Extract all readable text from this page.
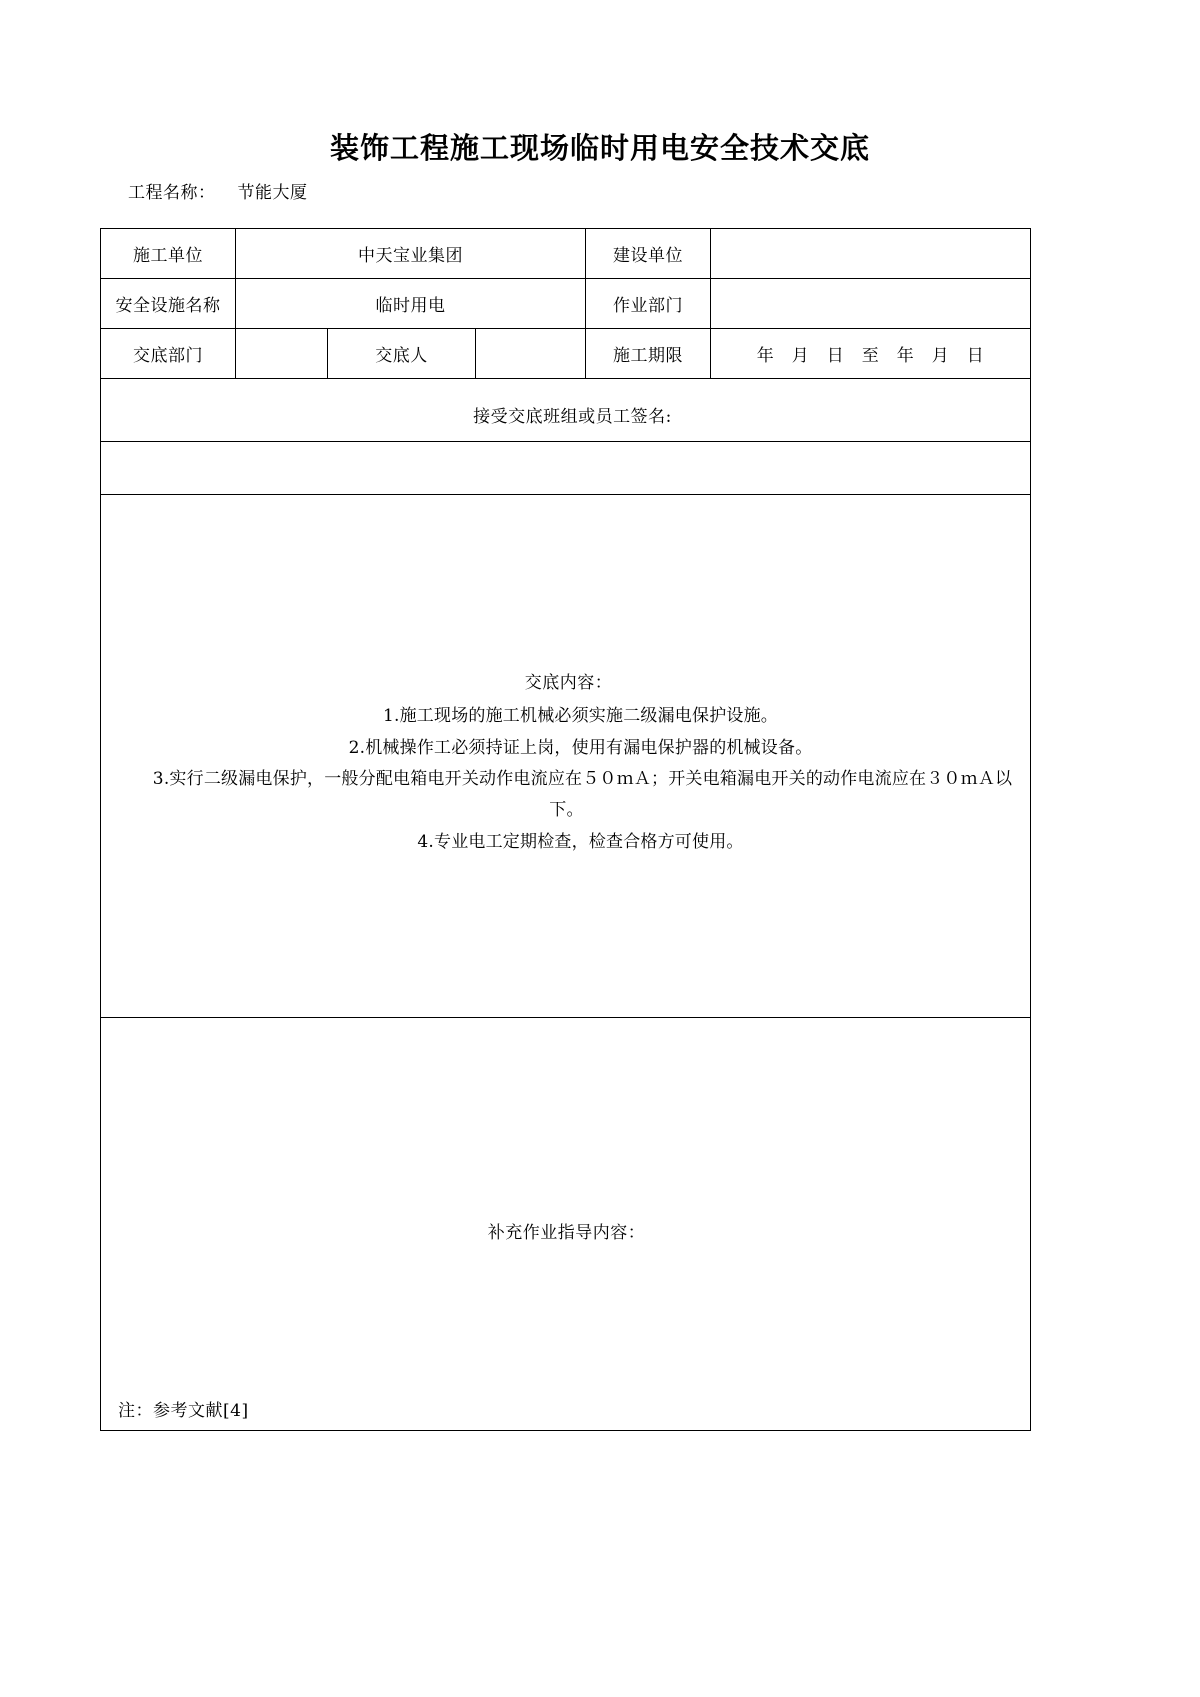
装饰工程施工现场临时用电安全技术交底
工程名称： 节能大厦
施工单位	中天宝业集团			建设单位	
安全设施名称	临时用电			作业部门	
交底部门		交底人		施工期限	年　月　日　至　年　月　日
接受交底班组或员工签名:					

交底内容：

1.施工现场的施工机械必须实施二级漏电保护设施。

2.机械操作工必须持证上岗，使用有漏电保护器的机械设备。

3.实行二级漏电保护，一般分配电箱电开关动作电流应在５０ｍＡ；开关电箱漏电开关的动作电流应在３０ｍＡ以下。

4.专业电工定期检查，检查合格方可使用。					

补充作业指导内容：					
注：参考文献[4]
